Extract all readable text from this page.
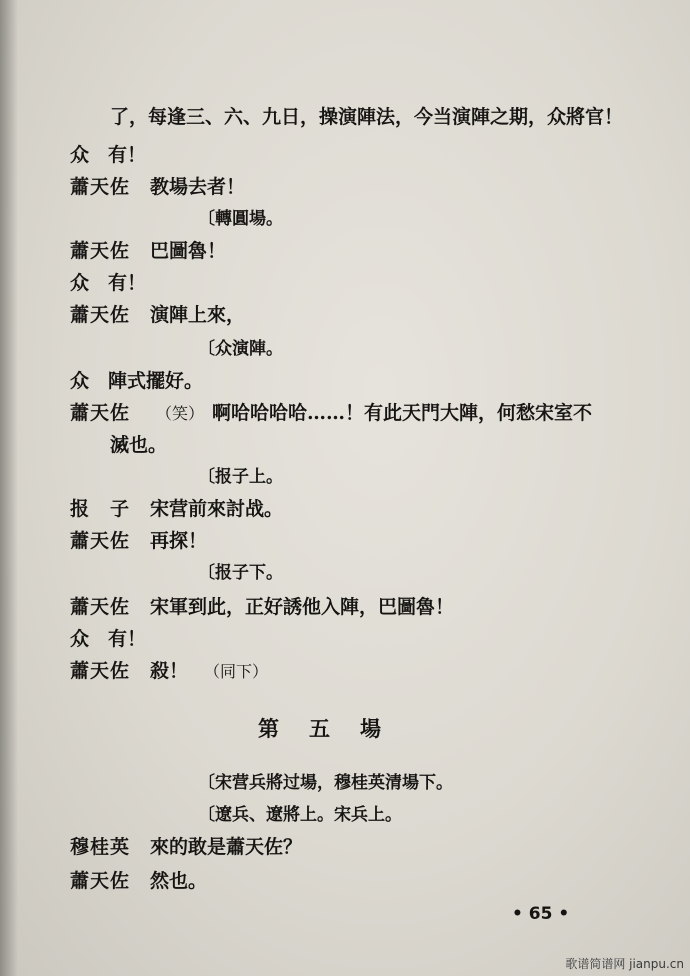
了，每逢三、六、九日，操演陣法，今当演陣之期，众將官！
众 有！
蕭天佐 教場去者！
〔轉圓場。
蕭天佐 巴圖魯！
众 有！
蕭天佐 演陣上來，
〔众演陣。
众 陣式擺好。
蕭天佐 （笑） 啊哈哈哈哈……！有此天門大陣，何愁宋室不
滅也。
〔报子上。
报　子 宋营前來討战。
蕭天佐 再探！
〔报子下。
蕭天佐 宋軍到此，正好誘他入陣，巴圖魯！
众 有！
蕭天佐 殺！ （同下）
第五場
〔宋营兵將过場，穆桂英清場下。
〔遼兵、遼將上。宋兵上。
穆桂英 來的敢是蕭天佐？
蕭天佐 然也。
• 65 •
歌谱简谱网 jianpu.cn
